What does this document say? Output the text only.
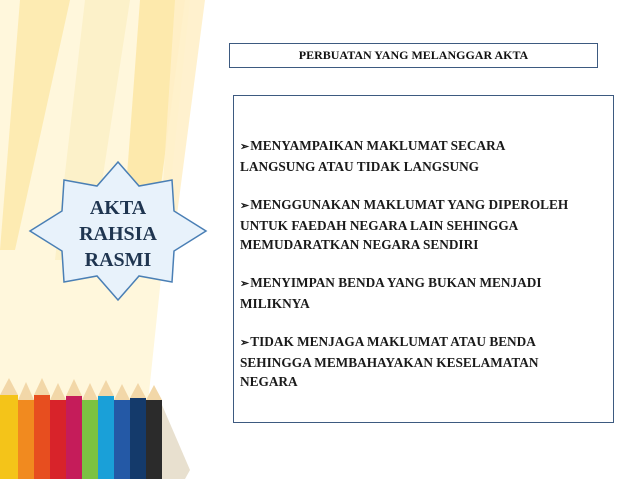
PERBUATAN YANG MELANGGAR AKTA
AKTA
RAHSIA
RASMI
➢MENYAMPAIKAN MAKLUMAT SECARA
LANGSUNG ATAU TIDAK LANGSUNG
➢MENGGUNAKAN MAKLUMAT YANG DIPEROLEH
UNTUK FAEDAH NEGARA LAIN SEHINGGA
MEMUDARATKAN NEGARA SENDIRI
➢MENYIMPAN BENDA YANG BUKAN MENJADI
MILIKNYA
➢TIDAK MENJAGA MAKLUMAT ATAU BENDA
SEHINGGA MEMBAHAYAKAN KESELAMATAN
NEGARA
